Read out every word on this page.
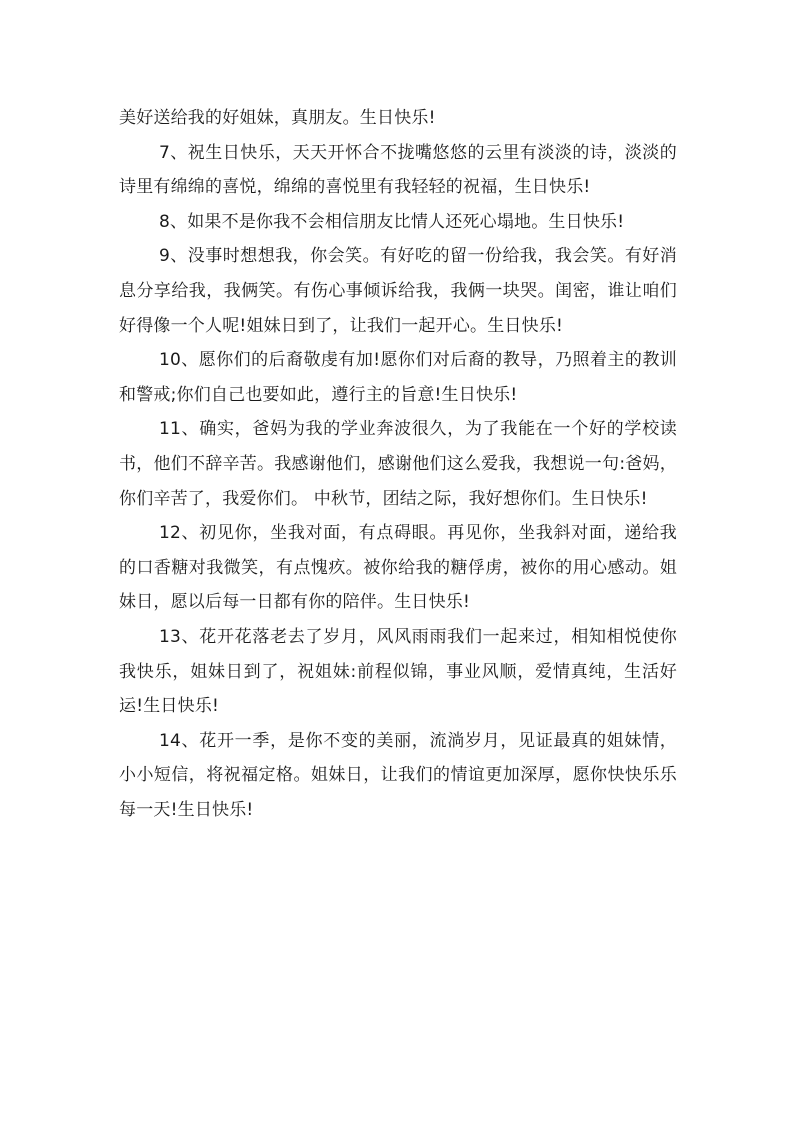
美好送给我的好姐妹，真朋友。生日快乐!

7、祝生日快乐，天天开怀合不拢嘴悠悠的云里有淡淡的诗，淡淡的诗里有绵绵的喜悦，绵绵的喜悦里有我轻轻的祝福，生日快乐!

8、如果不是你我不会相信朋友比情人还死心塌地。生日快乐!

9、没事时想想我，你会笑。有好吃的留一份给我，我会笑。有好消息分享给我，我俩笑。有伤心事倾诉给我，我俩一块哭。闺密，谁让咱们好得像一个人呢!姐妹日到了，让我们一起开心。生日快乐!

10、愿你们的后裔敬虔有加!愿你们对后裔的教导，乃照着主的教训和警戒;你们自己也要如此，遵行主的旨意!生日快乐!

11、确实，爸妈为我的学业奔波很久，为了我能在一个好的学校读书，他们不辞辛苦。我感谢他们，感谢他们这么爱我，我想说一句:爸妈，你们辛苦了，我爱你们。 中秋节，团结之际，我好想你们。生日快乐!

12、初见你，坐我对面，有点碍眼。再见你，坐我斜对面，递给我的口香糖对我微笑，有点愧疚。被你给我的糖俘虏，被你的用心感动。姐妹日，愿以后每一日都有你的陪伴。生日快乐!

13、花开花落老去了岁月，风风雨雨我们一起来过，相知相悦使你我快乐，姐妹日到了，祝姐妹:前程似锦，事业风顺，爱情真纯，生活好运!生日快乐!

14、花开一季，是你不变的美丽，流淌岁月，见证最真的姐妹情，小小短信，将祝福定格。姐妹日，让我们的情谊更加深厚，愿你快快乐乐每一天!生日快乐!
